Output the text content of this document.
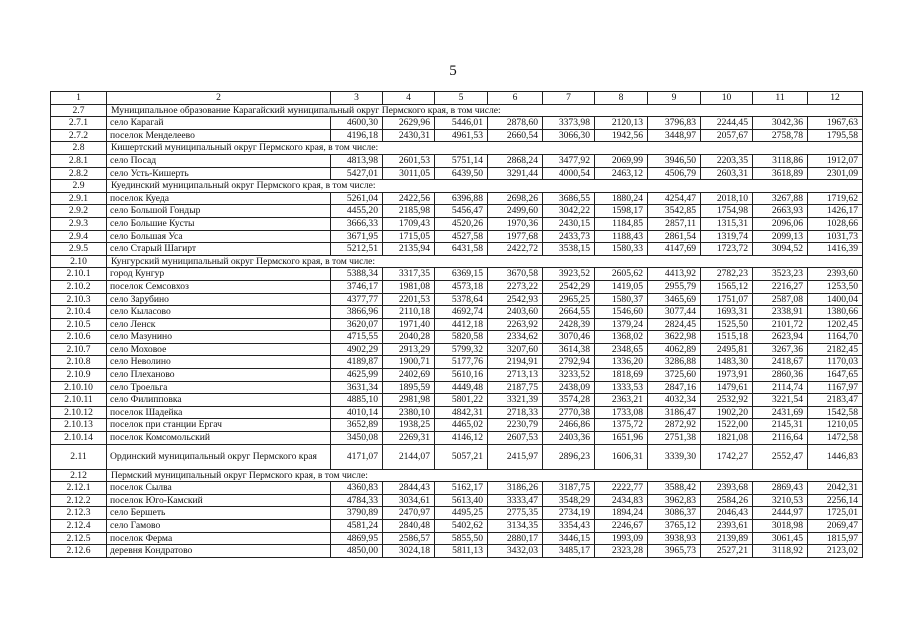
5
1	2	3	4	5	6	7	8	9	10	11	12
2.7	Муниципальное образование Карагайский муниципальный округ Пермского края, в том числе:										
2.7.1	село Карагай	4600,30	2629,96	5446,01	2878,60	3373,98	2120,13	3796,83	2244,45	3042,36	1967,63
2.7.2	поселок Менделеево	4196,18	2430,31	4961,53	2660,54	3066,30	1942,56	3448,97	2057,67	2758,78	1795,58
2.8	Кишертский муниципальный округ Пермского края, в том числе:										
2.8.1	село Посад	4813,98	2601,53	5751,14	2868,24	3477,92	2069,99	3946,50	2203,35	3118,86	1912,07
2.8.2	село Усть-Кишерть	5427,01	3011,05	6439,50	3291,44	4000,54	2463,12	4506,79	2603,31	3618,89	2301,09
2.9	Куединский муниципальный округ Пермского края, в том числе:										
2.9.1	поселок Куеда	5261,04	2422,56	6396,88	2698,26	3686,55	1880,24	4254,47	2018,10	3267,88	1719,62
2.9.2	село Большой Гондыр	4455,20	2185,98	5456,47	2499,60	3042,22	1598,17	3542,85	1754,98	2663,93	1426,17
2.9.3	село Большие Кусты	3666,33	1709,43	4520,26	1970,36	2430,15	1184,85	2857,11	1315,31	2096,06	1028,66
2.9.4	село Большая Уса	3671,95	1715,05	4527,58	1977,68	2433,73	1188,43	2861,54	1319,74	2099,13	1031,73
2.9.5	село Старый Шагирт	5212,51	2135,94	6431,58	2422,72	3538,15	1580,33	4147,69	1723,72	3094,52	1416,39
2.10	Кунгурский муниципальный округ Пермского края, в том числе:										
2.10.1	город Кунгур	5388,34	3317,35	6369,15	3670,58	3923,52	2605,62	4413,92	2782,23	3523,23	2393,60
2.10.2	поселок Семсовхоз	3746,17	1981,08	4573,18	2273,22	2542,29	1419,05	2955,79	1565,12	2216,27	1253,50
2.10.3	село Зарубино	4377,77	2201,53	5378,64	2542,93	2965,25	1580,37	3465,69	1751,07	2587,08	1400,04
2.10.4	село Кыласово	3866,96	2110,18	4692,74	2403,60	2664,55	1546,60	3077,44	1693,31	2338,91	1380,66
2.10.5	село Ленск	3620,07	1971,40	4412,18	2263,92	2428,39	1379,24	2824,45	1525,50	2101,72	1202,45
2.10.6	село Мазунино	4715,55	2040,28	5820,58	2334,62	3070,46	1368,02	3622,98	1515,18	2623,94	1164,70
2.10.7	село Моховое	4902,29	2913,29	5799,32	3207,60	3614,38	2348,65	4062,89	2495,81	3267,36	2182,45
2.10.8	село Неволино	4189,87	1900,71	5177,76	2194,91	2792,94	1336,20	3286,88	1483,30	2418,67	1170,03
2.10.9	село Плеханово	4625,99	2402,69	5610,16	2713,13	3233,52	1818,69	3725,60	1973,91	2860,36	1647,65
2.10.10	село Троельга	3631,34	1895,59	4449,48	2187,75	2438,09	1333,53	2847,16	1479,61	2114,74	1167,97
2.10.11	село Филипповка	4885,10	2981,98	5801,22	3321,39	3574,28	2363,21	4032,34	2532,92	3221,54	2183,47
2.10.12	поселок Шадейка	4010,14	2380,10	4842,31	2718,33	2770,38	1733,08	3186,47	1902,20	2431,69	1542,58
2.10.13	поселок при станции Ергач	3652,89	1938,25	4465,02	2230,79	2466,86	1375,72	2872,92	1522,00	2145,31	1210,05
2.10.14	поселок Комсомольский	3450,08	2269,31	4146,12	2607,53	2403,36	1651,96	2751,38	1821,08	2116,64	1472,58
2.11	Ординский муниципальный округ Пермского края	4171,07	2144,07	5057,21	2415,97	2896,23	1606,31	3339,30	1742,27	2552,47	1446,83
2.12	Пермский муниципальный округ Пермского края, в том числе:										
2.12.1	поселок Сылва	4360,83	2844,43	5162,17	3186,26	3187,75	2222,77	3588,42	2393,68	2869,43	2042,31
2.12.2	поселок Юго-Камский	4784,33	3034,61	5613,40	3333,47	3548,29	2434,83	3962,83	2584,26	3210,53	2256,14
2.12.3	село Бершеть	3790,89	2470,97	4495,25	2775,35	2734,19	1894,24	3086,37	2046,43	2444,97	1725,01
2.12.4	село Гамово	4581,24	2840,48	5402,62	3134,35	3354,43	2246,67	3765,12	2393,61	3018,98	2069,47
2.12.5	поселок Ферма	4869,95	2586,57	5855,50	2880,17	3446,15	1993,09	3938,93	2139,89	3061,45	1815,97
2.12.6	деревня Кондратово	4850,00	3024,18	5811,13	3432,03	3485,17	2323,28	3965,73	2527,21	3118,92	2123,02
